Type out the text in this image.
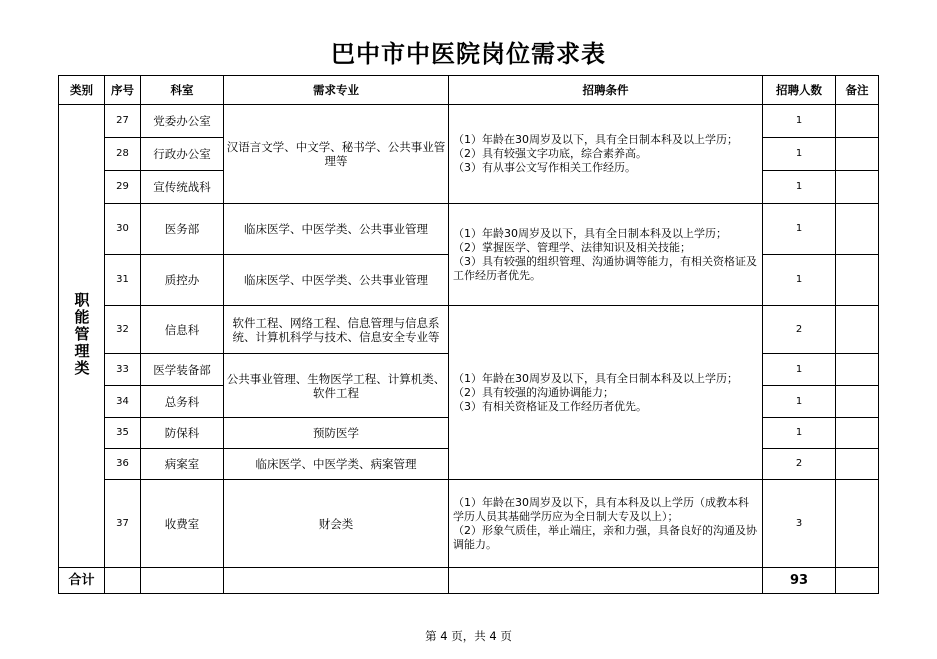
巴中市中医院岗位需求表
类别	序号	科室	需求专业	招聘条件	招聘人数	备注
职能管理类	27	党委办公室	汉语言文学、中文学、秘书学、公共事业管理等	（1）年龄在30周岁及以下，具有全日制本科及以上学历；
（2）具有较强文字功底，综合素养高。
（3）有从事公文写作相关工作经历。	1	
	28	行政办公室			1	
	29	宣传统战科			1	
	30	医务部	临床医学、中医学类、公共事业管理	（1）年龄30周岁及以下，具有全日制本科及以上学历；
（2）掌握医学、管理学、法律知识及相关技能；
（3）具有较强的组织管理、沟通协调等能力，有相关资格证及工作经历者优先。	1	
	31	质控办	临床医学、中医学类、公共事业管理		1	
	32	信息科	软件工程、网络工程、信息管理与信息系统、计算机科学与技术、信息安全专业等	（1）年龄在30周岁及以下，具有全日制本科及以上学历；
（2）具有较强的沟通协调能力；
（3）有相关资格证及工作经历者优先。	2	
	33	医学装备部	公共事业管理、生物医学工程、计算机类、软件工程		1	
	34	总务科			1	
	35	防保科	预防医学		1	
	36	病案室	临床医学、中医学类、病案管理		2	
	37	收费室	财会类	（1）年龄在30周岁及以下，具有本科及以上学历（成教本科学历人员其基础学历应为全日制大专及以上）；
（2）形象气质佳，举止端庄，亲和力强，具备良好的沟通及协调能力。	3	
合计					93	
第 4 页，共 4 页
